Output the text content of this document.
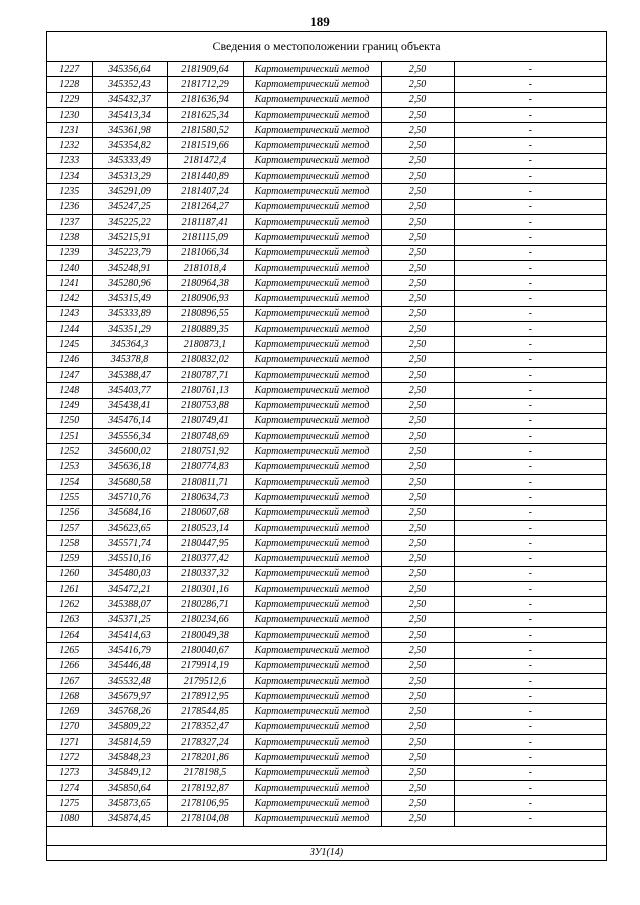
189
Сведения о местоположении границ объекта
1227	345356,64	2181909,64	Картометрический метод	2,50	-
1228	345352,43	2181712,29	Картометрический метод	2,50	-
1229	345432,37	2181636,94	Картометрический метод	2,50	-
1230	345413,34	2181625,34	Картометрический метод	2,50	-
1231	345361,98	2181580,52	Картометрический метод	2,50	-
1232	345354,82	2181519,66	Картометрический метод	2,50	-
1233	345333,49	2181472,4	Картометрический метод	2,50	-
1234	345313,29	2181440,89	Картометрический метод	2,50	-
1235	345291,09	2181407,24	Картометрический метод	2,50	-
1236	345247,25	2181264,27	Картометрический метод	2,50	-
1237	345225,22	2181187,41	Картометрический метод	2,50	-
1238	345215,91	2181115,09	Картометрический метод	2,50	-
1239	345223,79	2181066,34	Картометрический метод	2,50	-
1240	345248,91	2181018,4	Картометрический метод	2,50	-
1241	345280,96	2180964,38	Картометрический метод	2,50	-
1242	345315,49	2180906,93	Картометрический метод	2,50	-
1243	345333,89	2180896,55	Картометрический метод	2,50	-
1244	345351,29	2180889,35	Картометрический метод	2,50	-
1245	345364,3	2180873,1	Картометрический метод	2,50	-
1246	345378,8	2180832,02	Картометрический метод	2,50	-
1247	345388,47	2180787,71	Картометрический метод	2,50	-
1248	345403,77	2180761,13	Картометрический метод	2,50	-
1249	345438,41	2180753,88	Картометрический метод	2,50	-
1250	345476,14	2180749,41	Картометрический метод	2,50	-
1251	345556,34	2180748,69	Картометрический метод	2,50	-
1252	345600,02	2180751,92	Картометрический метод	2,50	-
1253	345636,18	2180774,83	Картометрический метод	2,50	-
1254	345680,58	2180811,71	Картометрический метод	2,50	-
1255	345710,76	2180634,73	Картометрический метод	2,50	-
1256	345684,16	2180607,68	Картометрический метод	2,50	-
1257	345623,65	2180523,14	Картометрический метод	2,50	-
1258	345571,74	2180447,95	Картометрический метод	2,50	-
1259	345510,16	2180377,42	Картометрический метод	2,50	-
1260	345480,03	2180337,32	Картометрический метод	2,50	-
1261	345472,21	2180301,16	Картометрический метод	2,50	-
1262	345388,07	2180286,71	Картометрический метод	2,50	-
1263	345371,25	2180234,66	Картометрический метод	2,50	-
1264	345414,63	2180049,38	Картометрический метод	2,50	-
1265	345416,79	2180040,67	Картометрический метод	2,50	-
1266	345446,48	2179914,19	Картометрический метод	2,50	-
1267	345532,48	2179512,6	Картометрический метод	2,50	-
1268	345679,97	2178912,95	Картометрический метод	2,50	-
1269	345768,26	2178544,85	Картометрический метод	2,50	-
1270	345809,22	2178352,47	Картометрический метод	2,50	-
1271	345814,59	2178327,24	Картометрический метод	2,50	-
1272	345848,23	2178201,86	Картометрический метод	2,50	-
1273	345849,12	2178198,5	Картометрический метод	2,50	-
1274	345850,64	2178192,87	Картометрический метод	2,50	-
1275	345873,65	2178106,95	Картометрический метод	2,50	-
1080	345874,45	2178104,08	Картометрический метод	2,50	-
ЗУ1(14)
